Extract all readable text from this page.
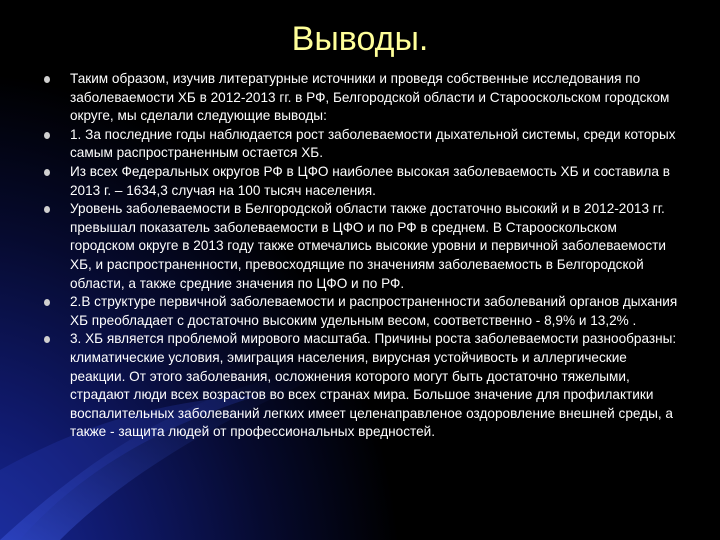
Выводы.
Таким образом, изучив литературные источники и проведя собственные исследования по заболеваемости ХБ в 2012-2013 гг. в РФ, Белгородской области и Старооскольском городском округе, мы сделали следующие выводы:
1. За последние годы наблюдается рост заболеваемости дыхательной системы, среди которых самым распространенным остается ХБ.
Из всех Федеральных округов РФ в ЦФО наиболее высокая заболеваемость ХБ и составила в 2013 г. – 1634,3 случая на 100 тысяч населения.
Уровень заболеваемости в Белгородской области также достаточно высокий и в 2012-2013 гг. превышал показатель заболеваемости в ЦФО и по РФ в среднем. В Старооскольском городском округе в 2013 году также отмечались высокие уровни и первичной заболеваемости ХБ, и распространенности, превосходящие по значениям заболеваемость в Белгородской области, а также средние значения по ЦФО и по РФ.
2.В структуре первичной заболеваемости и распространенности заболеваний органов дыхания ХБ преобладает с достаточно высоким удельным весом, соответственно - 8,9% и 13,2% .
3. ХБ является проблемой мирового масштаба. Причины роста заболеваемости разнообразны: климатические условия, эмиграция населения, вирусная устойчивость и аллергические реакции. От этого заболевания, осложнения которого могут быть достаточно тяжелыми, страдают люди всех возрастов во всех странах мира. Большое значение для профилактики воспалительных заболеваний легких имеет целенаправленое оздоровление внешней среды, а также - защита людей от профессиональных вредностей.
